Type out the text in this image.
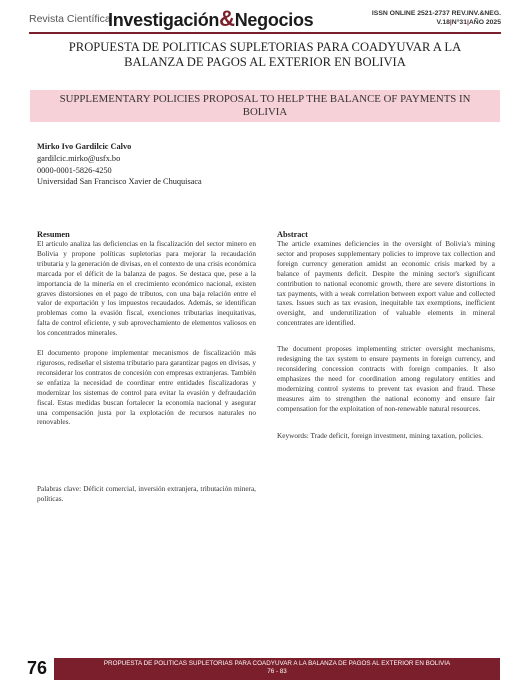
Revista Científica
Investigación&Negocios	ISSN ONLINE 2521-2737 REV.INV.&NEG.
V.18|N°31|AÑO 2025
PROPUESTA DE POLITICAS SUPLETORIAS PARA COADYUVAR A LA BALANZA DE PAGOS AL EXTERIOR EN BOLIVIA
SUPPLEMENTARY POLICIES PROPOSAL TO HELP THE BALANCE OF PAYMENTS IN BOLIVIA
Mirko Ivo Gardilcic Calvo
gardilcic.mirko@usfx.bo
0000-0001-5826-4250
Universidad San Francisco Xavier de Chuquisaca
Resumen

El artículo analiza las deficiencias en la fiscalización del sector minero en Bolivia y propone políticas supletorias para mejorar la recaudación tributaria y la generación de divisas, en el contexto de una crisis económica marcada por el déficit de la balanza de pagos. Se destaca que, pese a la importancia de la minería en el crecimiento económico nacional, existen graves distorsiones en el pago de tributos, con una baja relación entre el valor de exportación y los impuestos recaudados. Además, se identifican problemas como la evasión fiscal, exenciones tributarias inequitativas, falta de control eficiente, y sub aprovechamiento de elementos valiosos en los concentrados minerales.

El documento propone implementar mecanismos de fiscalización más rigurosos, rediseñar el sistema tributario para garantizar pagos en divisas, y reconsiderar los contratos de concesión con empresas extranjeras. También se enfatiza la necesidad de coordinar entre entidades fiscalizadoras y modernizar los sistemas de control para evitar la evasión y defraudación fiscal. Estas medidas buscan fortalecer la economía nacional y asegurar una compensación justa por la explotación de recursos naturales no renovables.

Palabras clave: Déficit comercial, inversión extranjera, tributación minera, políticas.
Abstract

The article examines deficiencies in the oversight of Bolivia's mining sector and proposes supplementary policies to improve tax collection and foreign currency generation amidst an economic crisis marked by a balance of payments deficit. Despite the mining sector's significant contribution to national economic growth, there are severe distortions in tax payments, with a weak correlation between export value and collected taxes. Issues such as tax evasion, inequitable tax exemptions, inefficient oversight, and underutilization of valuable elements in mineral concentrates are identified.

The document proposes implementing stricter oversight mechanisms, redesigning the tax system to ensure payments in foreign currency, and reconsidering concession contracts with foreign companies. It also emphasizes the need for coordination among regulatory entities and modernizing control systems to prevent tax evasion and fraud. These measures aim to strengthen the national economy and ensure fair compensation for the exploitation of non-renewable natural resources.

Keywords: Trade deficit, foreign investment, mining taxation, policies.
76	PROPUESTA DE POLITICAS SUPLETORIAS PARA COADYUVAR A LA BALANZA DE PAGOS AL EXTERIOR EN BOLIVIA
76 - 83
